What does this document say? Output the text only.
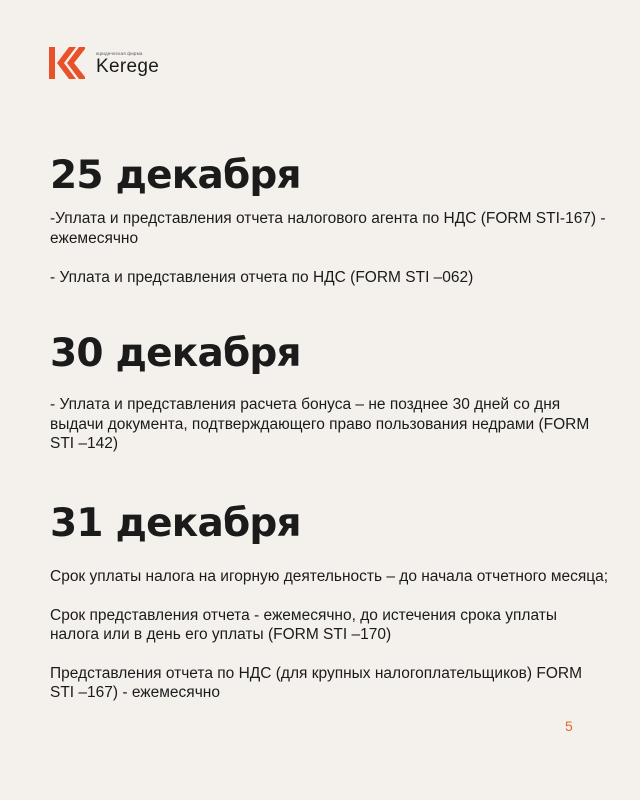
юридическая фирма
Kerege
25 декабря

-Уплата и представления отчета налогового агента по НДС (FORM STI-167) - ежемесячно

- Уплата и представления отчета по НДС (FORM STI –062)

30 декабря

- Уплата и представления расчета бонуса – не позднее 30 дней со дня выдачи документа, подтверждающего право пользования недрами (FORM STI –142)

31 декабря

Срок уплаты налога на игорную деятельность – до начала отчетного месяца;

Срок представления отчета - ежемесячно, до истечения срока уплаты налога или в день его уплаты (FORM STI –170)

Представления отчета по НДС (для крупных налогоплательщиков) FORM STI –167) - ежемесячно

5
